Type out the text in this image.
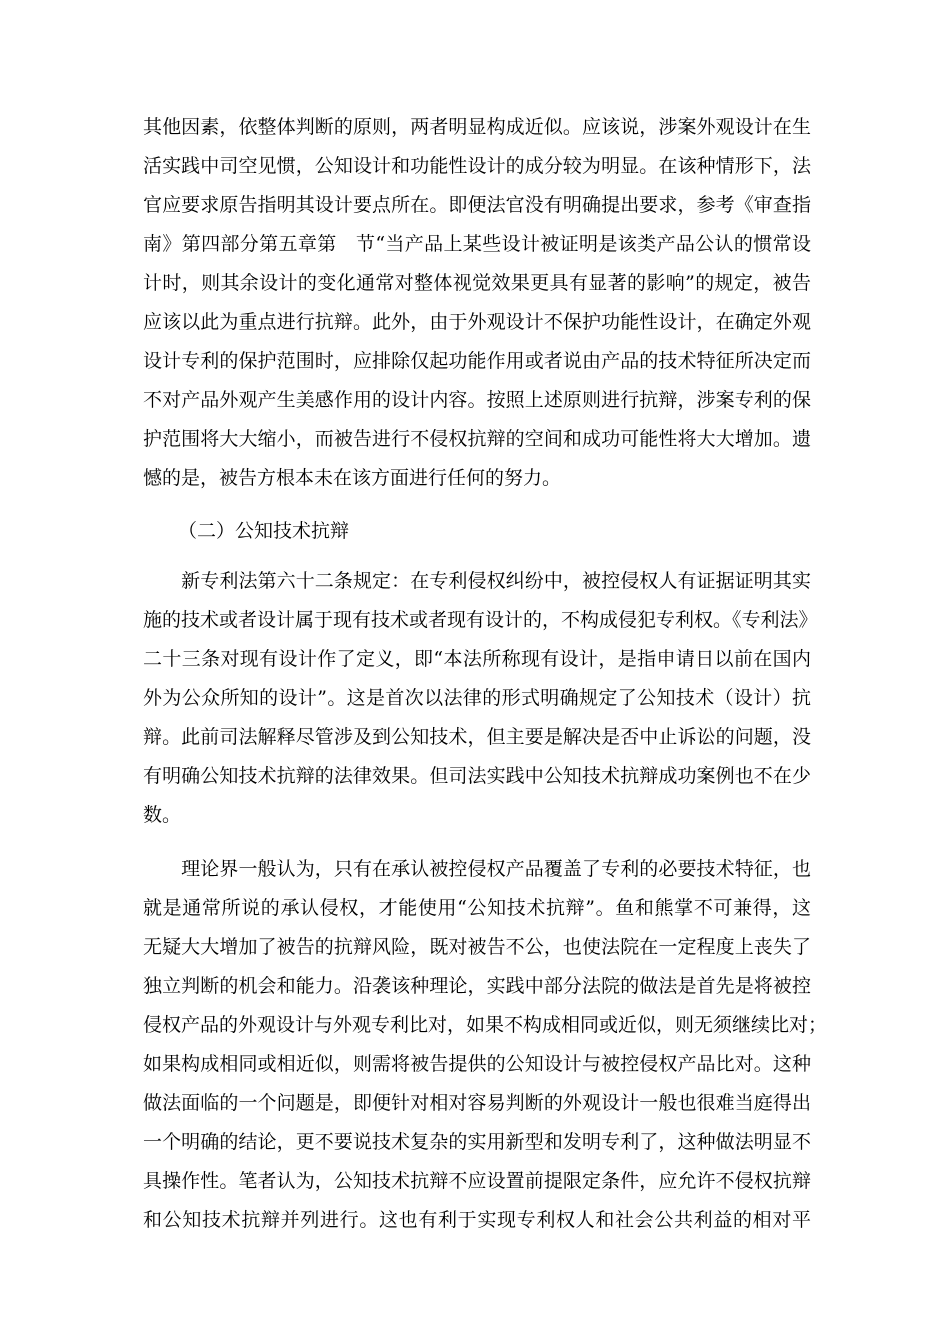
其他因素，依整体判断的原则，两者明显构成近似。应该说，涉案外观设计在生
活实践中司空见惯，公知设计和功能性设计的成分较为明显。在该种情形下，法
官应要求原告指明其设计要点所在。即便法官没有明确提出要求，参考《审查指
南》第四部分第五章第　节“当产品上某些设计被证明是该类产品公认的惯常设
计时，则其余设计的变化通常对整体视觉效果更具有显著的影响”的规定，被告
应该以此为重点进行抗辩。此外，由于外观设计不保护功能性设计，在确定外观
设计专利的保护范围时，应排除仅起功能作用或者说由产品的技术特征所决定而
不对产品外观产生美感作用的设计内容。按照上述原则进行抗辩，涉案专利的保
护范围将大大缩小，而被告进行不侵权抗辩的空间和成功可能性将大大增加。遗
憾的是，被告方根本未在该方面进行任何的努力。
（二）公知技术抗辩
　　新专利法第六十二条规定：在专利侵权纠纷中，被控侵权人有证据证明其实
施的技术或者设计属于现有技术或者现有设计的，不构成侵犯专利权。《专利法》
二十三条对现有设计作了定义，即“本法所称现有设计，是指申请日以前在国内
外为公众所知的设计”。这是首次以法律的形式明确规定了公知技术（设计）抗
辩。此前司法解释尽管涉及到公知技术，但主要是解决是否中止诉讼的问题，没
有明确公知技术抗辩的法律效果。但司法实践中公知技术抗辩成功案例也不在少
数。
　　理论界一般认为，只有在承认被控侵权产品覆盖了专利的必要技术特征，也
就是通常所说的承认侵权，才能使用“公知技术抗辩”。鱼和熊掌不可兼得，这
无疑大大增加了被告的抗辩风险，既对被告不公，也使法院在一定程度上丧失了
独立判断的机会和能力。沿袭该种理论，实践中部分法院的做法是首先是将被控
侵权产品的外观设计与外观专利比对，如果不构成相同或近似，则无须继续比对；
如果构成相同或相近似，则需将被告提供的公知设计与被控侵权产品比对。这种
做法面临的一个问题是，即便针对相对容易判断的外观设计一般也很难当庭得出
一个明确的结论，更不要说技术复杂的实用新型和发明专利了，这种做法明显不
具操作性。笔者认为，公知技术抗辩不应设置前提限定条件，应允许不侵权抗辩
和公知技术抗辩并列进行。这也有利于实现专利权人和社会公共利益的相对平
